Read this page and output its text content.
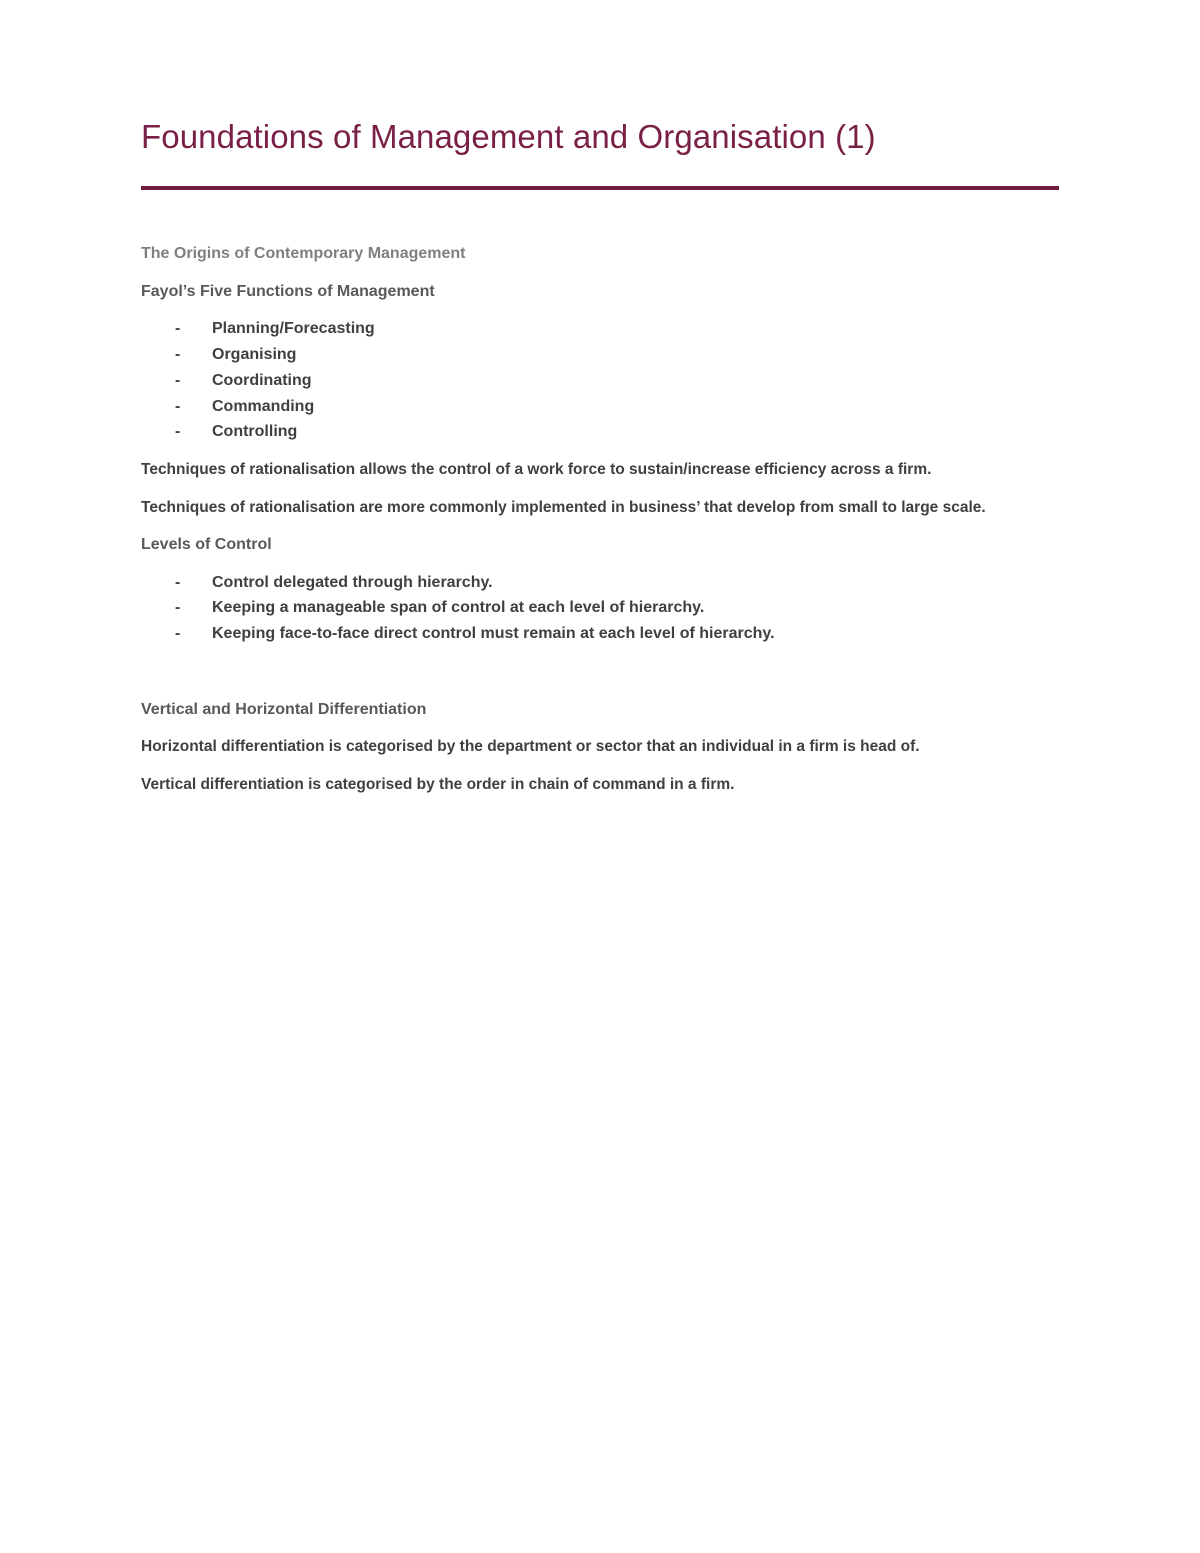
Foundations of Management and Organisation (1)

The Origins of Contemporary Management

Fayol’s Five Functions of Management

- Planning/Forecasting
- Organising
- Coordinating
- Commanding
- Controlling

Techniques of rationalisation allows the control of a work force to sustain/increase efficiency across a firm.

Techniques of rationalisation are more commonly implemented in business’ that develop from small to large scale.

Levels of Control

- Control delegated through hierarchy.
- Keeping a manageable span of control at each level of hierarchy.
- Keeping face-to-face direct control must remain at each level of hierarchy.

Vertical and Horizontal Differentiation

Horizontal differentiation is categorised by the department or sector that an individual in a firm is head of.

Vertical differentiation is categorised by the order in chain of command in a firm.
